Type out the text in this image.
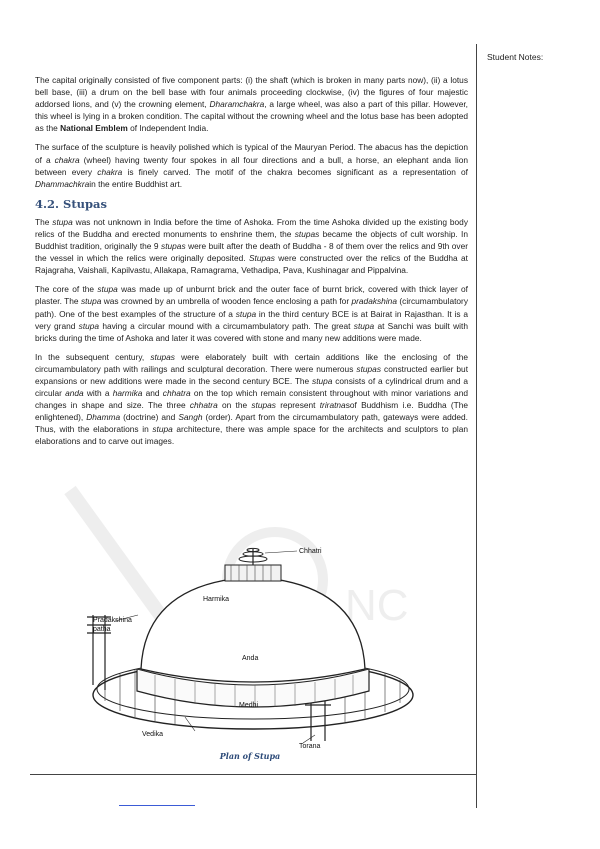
Student Notes:
NC

The capital originally consisted of five component parts: (i) the shaft (which is broken in many parts now), (ii) a lotus bell base, (iii) a drum on the bell base with four animals proceeding clockwise, (iv) the figures of four majestic addorsed lions, and (v) the crowning element, Dharamchakra, a large wheel, was also a part of this pillar. However, this wheel is lying in a broken condition. The capital without the crowning wheel and the lotus base has been adopted as the National Emblem of Independent India.

The surface of the sculpture is heavily polished which is typical of the Mauryan Period. The abacus has the depiction of a chakra (wheel) having twenty four spokes in all four directions and a bull, a horse, an elephant anda lion between every chakra is finely carved. The motif of the chakra becomes significant as a representation of Dhammachkrain the entire Buddhist art.

4.2. Stupas

The stupa was not unknown in India before the time of Ashoka. From the time Ashoka divided up the existing body relics of the Buddha and erected monuments to enshrine them, the stupas became the objects of cult worship. In Buddhist tradition, originally the 9 stupas were built after the death of Buddha - 8 of them over the relics and 9th over the vessel in which the relics were originally deposited. Stupas were constructed over the relics of the Buddha at Rajagraha, Vaishali, Kapilvastu, Allakapa, Ramagrama, Vethadipa, Pava, Kushinagar and Pippalvina.

The core of the stupa was made up of unburnt brick and the outer face of burnt brick, covered with thick layer of plaster. The stupa was crowned by an umbrella of wooden fence enclosing a path for pradakshina (circumambulatory path). One of the best examples of the structure of a stupa in the third century BCE is at Bairat in Rajasthan. It is a very grand stupa having a circular mound with a circumambulatory path. The great stupa at Sanchi was built with bricks during the time of Ashoka and later it was covered with stone and many new additions were made.

In the subsequent century, stupas were elaborately built with certain additions like the enclosing of the circumambulatory path with railings and sculptural decoration. There were numerous stupas constructed earlier but expansions or new additions were made in the second century BCE. The stupa consists of a cylindrical drum and a circular anda with a harmika and chhatra on the top which remain consistent throughout with minor variations and changes in shape and size. The three chhatra on the stupas represent triratnasof Buddhism i.e. Buddha (The enlightened), Dhamma (doctrine) and Sangh (order). Apart from the circumambulatory path, gateways were added. Thus, with the elaborations in stupa architecture, there was ample space for the architects and sculptors to plan elaborations and to carve out images.

Chhatri
Harmika
Pradakshina
patha
Anda
Medhi
Vedika
Torana
Plan of Stupa
